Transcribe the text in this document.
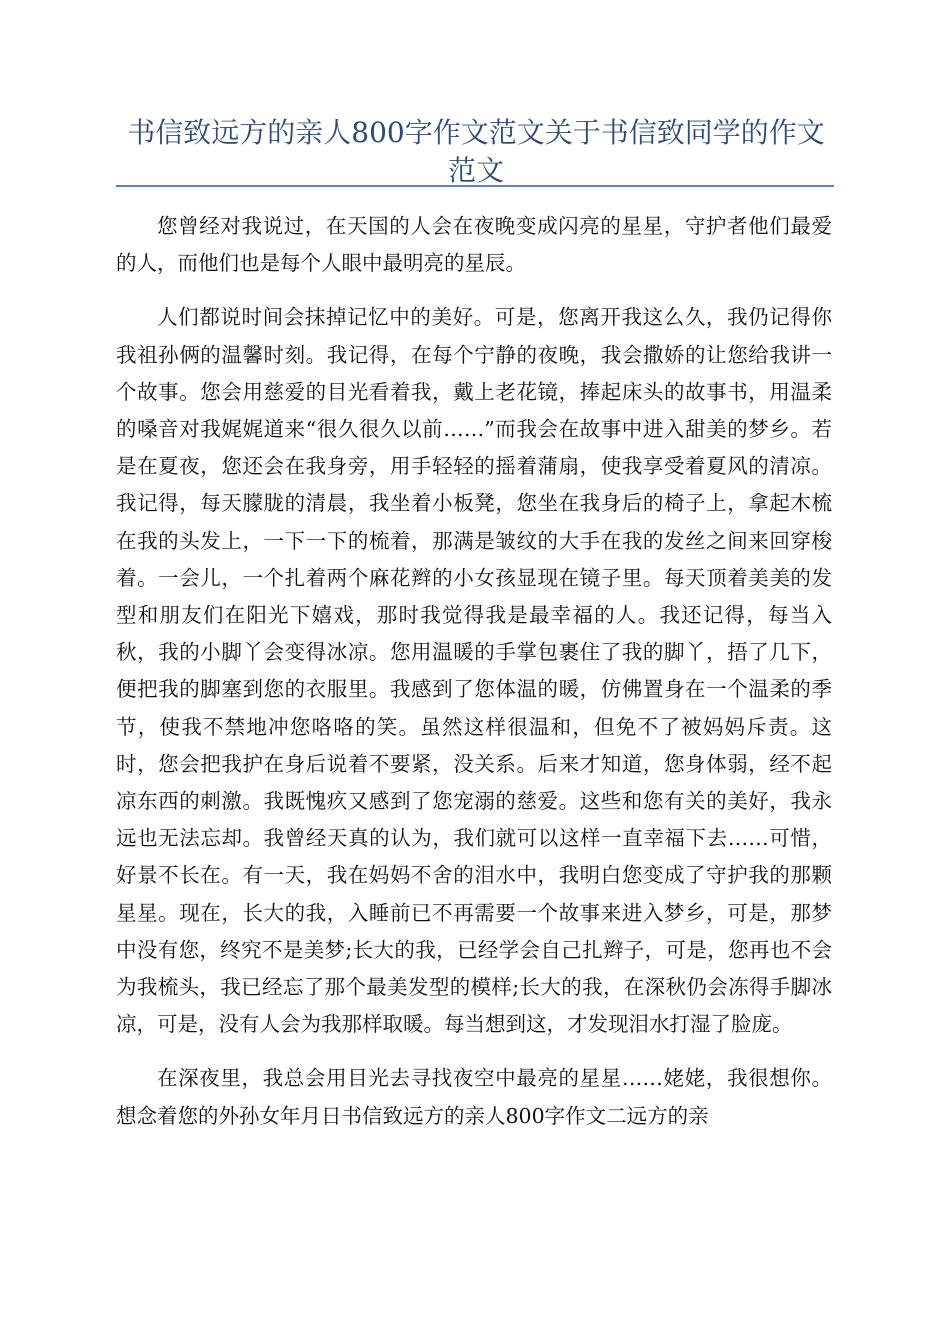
书信致远方的亲人800字作文范文关于书信致同学的作文范文

您曾经对我说过，在天国的人会在夜晚变成闪亮的星星，守护者他们最爱的人，而他们也是每个人眼中最明亮的星辰。

人们都说时间会抹掉记忆中的美好。可是，您离开我这么久，我仍记得你我祖孙俩的温馨时刻。我记得，在每个宁静的夜晚，我会撒娇的让您给我讲一个故事。您会用慈爱的目光看着我，戴上老花镜，捧起床头的故事书，用温柔的嗓音对我娓娓道来“很久很久以前……”而我会在故事中进入甜美的梦乡。若是在夏夜，您还会在我身旁，用手轻轻的摇着蒲扇，使我享受着夏风的清凉。我记得，每天朦胧的清晨，我坐着小板凳，您坐在我身后的椅子上，拿起木梳在我的头发上，一下一下的梳着，那满是皱纹的大手在我的发丝之间来回穿梭着。一会儿，一个扎着两个麻花辫的小女孩显现在镜子里。每天顶着美美的发型和朋友们在阳光下嬉戏，那时我觉得我是最幸福的人。我还记得，每当入秋，我的小脚丫会变得冰凉。您用温暖的手掌包裹住了我的脚丫，捂了几下，便把我的脚塞到您的衣服里。我感到了您体温的暖，仿佛置身在一个温柔的季节，使我不禁地冲您咯咯的笑。虽然这样很温和，但免不了被妈妈斥责。这时，您会把我护在身后说着不要紧，没关系。后来才知道，您身体弱，经不起凉东西的刺激。我既愧疚又感到了您宠溺的慈爱。这些和您有关的美好，我永远也无法忘却。我曾经天真的认为，我们就可以这样一直幸福下去……可惜，好景不长在。有一天，我在妈妈不舍的泪水中，我明白您变成了守护我的那颗星星。现在，长大的我，入睡前已不再需要一个故事来进入梦乡，可是，那梦中没有您，终究不是美梦;长大的我，已经学会自己扎辫子，可是，您再也不会为我梳头，我已经忘了那个最美发型的模样;长大的我，在深秋仍会冻得手脚冰凉，可是，没有人会为我那样取暖。每当想到这，才发现泪水打湿了脸庞。

在深夜里，我总会用目光去寻找夜空中最亮的星星……姥姥，我很想你。想念着您的外孙女年月日书信致远方的亲人800字作文二远方的亲
